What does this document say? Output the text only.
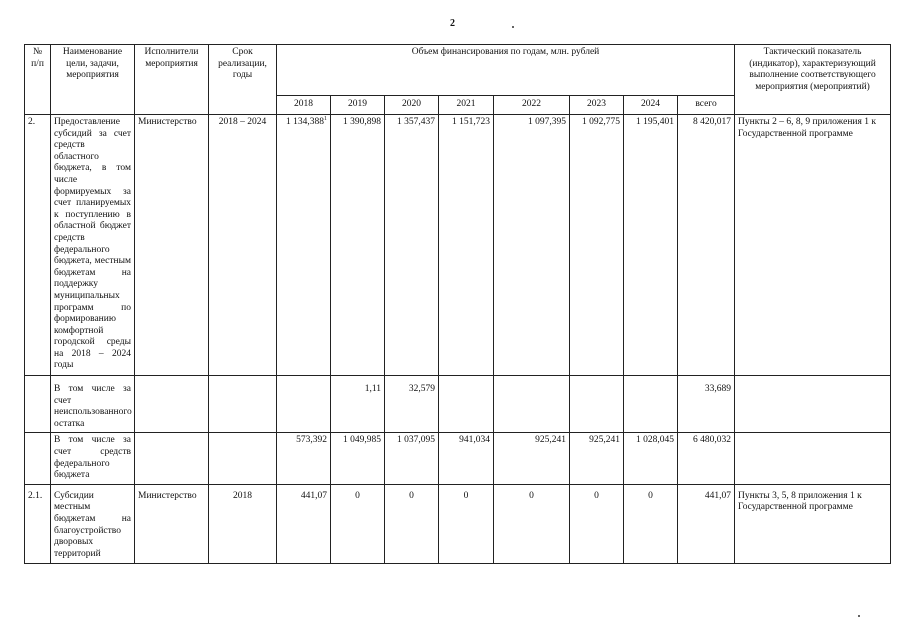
2
№ п/п	Наименование цели, задачи, мероприятия	Исполнители мероприятия	Срок реализации, годы	Объем финансирования по годам, млн. рублей								Тактический показатель (индикатор), характеризующий выполнение соответствующего мероприятия (мероприятий)
				2018	2019	2020	2021	2022	2023	2024	всего	
2.	Предоставление субсидий за счет средств областного бюджета, в том числе формируемых за счет планируемых к поступлению в областной бюджет средств федерального бюджета, местным бюджетам на поддержку муниципальных программ по формированию комфортной городской среды на 2018 – 2024 годы	Министерство	2018 – 2024	1 134,388$^1$	1 390,898	1 357,437	1 151,723	1 097,395	1 092,775	1 195,401	8 420,017	Пункты 2 – 6, 8, 9 приложения 1 к Государственной программе
	В том числе за счет неиспользованного остатка				1,11	32,579					33,689	
	В том числе за счет средств федерального бюджета			573,392	1 049,985	1 037,095	941,034	925,241	925,241	1 028,045	6 480,032	
2.1.	Субсидии местным бюджетам на благоустройство дворовых территорий	Министерство	2018	441,07	0	0	0	0	0	0	441,07	Пункты 3, 5, 8 приложения 1 к Государственной программе
